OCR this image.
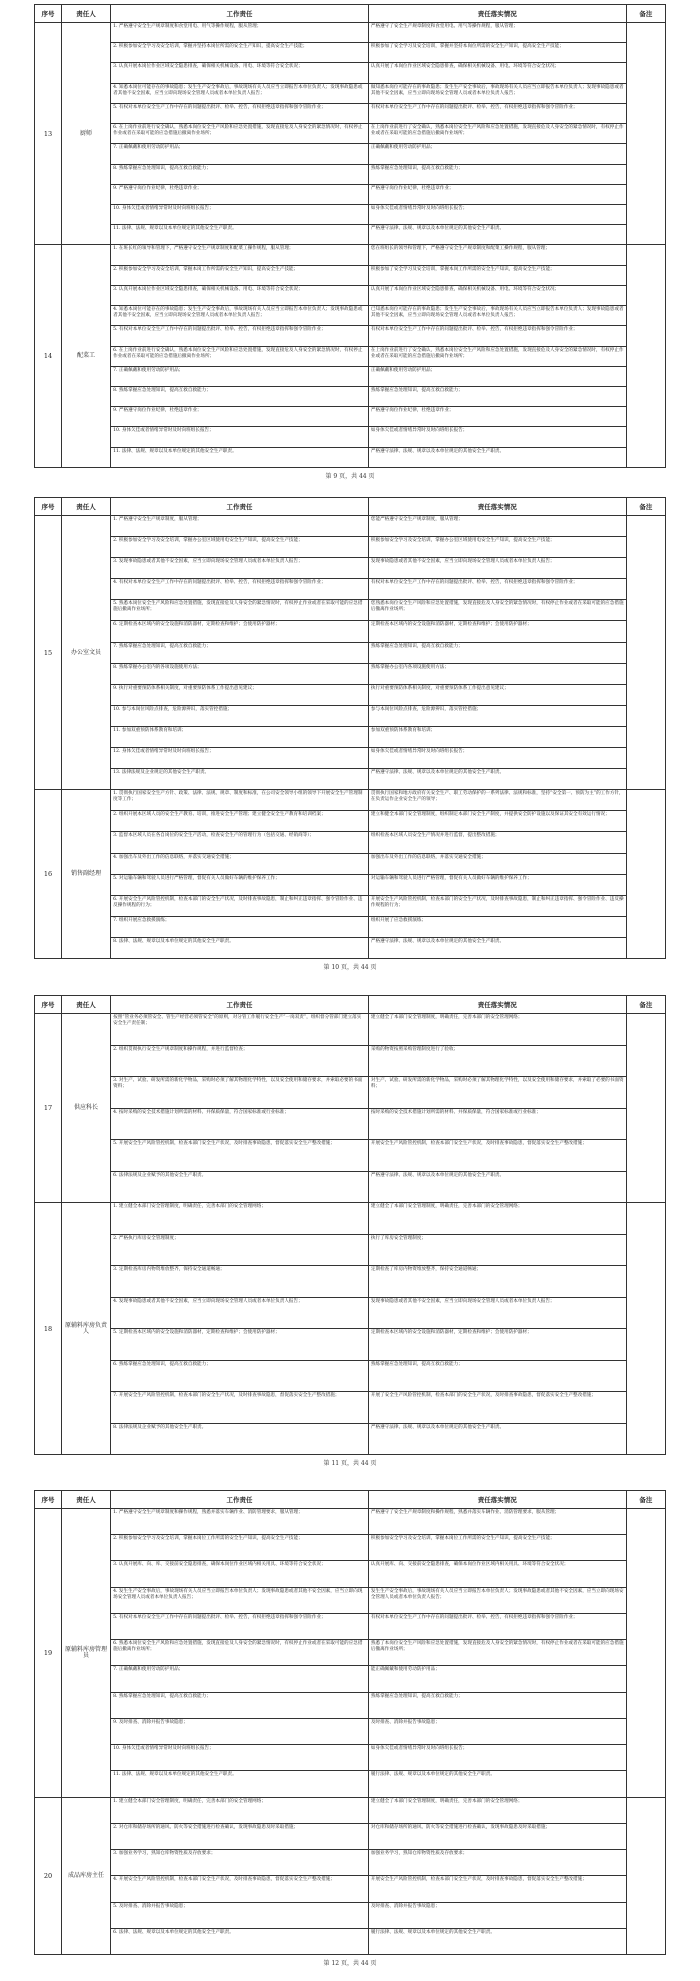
序号	责任人	工作责任	责任落实情况	备注
13	厨师	1. 严格遵守安全生产规章制度和食堂用电、用气等操作规程，服从管理；	严格遵守了安全生产规章制度和食堂用电、用气等操作规程，服从管理；	
		2. 积极参加安全学习及安全培训，掌握并坚持本岗位所需的安全生产知识，提高安全生产技能；	积极参加了安全学习及安全培训，掌握并坚持本岗位所需的安全生产知识，提高安全生产技能；	
		3. 认真开展本岗位作业区域安全隐患排查，确保相关机械设备、用电、环境等符合安全状况；	认真开展了本岗位作业区域安全隐患排查，确保相关机械设备、用电、环境等符合安全状况；	
		4. 知悉本岗位可能存在的事故隐患；发生生产安全事故后，事故现场有关人员应当立即报告本单位负责人；发现事故隐患或者其他不安全因素，应当立即向现场安全管理人员或者本单位负责人报告；	做知悉本岗位可能存在的事故隐患；发生生产安全事故后，事故现场有关人员应当立即报告本单位负责人；发现事故隐患或者其他不安全因素，应当立即向现场安全管理人员或者本单位负责人报告；	
		5. 有权对本单位安全生产工作中存在的问题提出批评、检举、控告，有权拒绝违章指挥和强令冒险作业；	有权对本单位安全生产工作中存在的问题提出批评、检举、控告，有权拒绝违章指挥和强令冒险作业；	
		6. 在上岗作业前进行安全确认，熟悉本岗位安全生产风险和应急处置措施，发现直接危及人身安全的紧急情况时，有权停止作业或者在采取可能的应急措施后撤离作业场所；	在上岗作业前进行了安全确认，熟悉本岗位安全生产风险和应急处置措施，发现直接危及人身安全的紧急情况时，有权停止作业或者在采取可能的应急措施后撤离作业场所；	
		7. 正确佩戴和使用劳动防护用品；	正确佩戴和使用劳动防护用品；	
		8. 熟练掌握应急处理知识，提高互救自救能力；	熟练掌握应急处理知识，提高互救自救能力；	
		9. 严格遵守岗位作业纪律，杜绝违章作业；	严格遵守岗位作业纪律，杜绝违章作业；	
		10. 身体欠佳或者情绪异常时及时向班组长报告；	如身体欠佳或者情绪异常时及时向班组长报告；	
		11. 法律、法规、规章以及本单位规定的其他安全生产职责。	严格遵守法律、法规、规章以及本单位规定的其他安全生产职责。	
14	配菜工	1. 在班长红的领导和管理下，严格遵守安全生产规章制度和配菜工操作规程，服从管理；	您在班组长的领导和管理下，严格遵守安全生产规章制度和配菜工操作规程，服从管理；	
		2. 积极参加安全学习及安全培训，掌握本岗工作所需的安全生产知识，提高安全生产技能；	积极参加了安全学习及安全培训，掌握本岗工作所需的安全生产知识，提高安全生产技能；	
		3. 认真开展本岗位作业区域安全隐患排查，确保相关机械设备、用电、环境等符合安全状况；	认真开展了本岗位作业区域安全隐患排查，确保相关机械设备、用电、环境等符合安全状况；	
		4. 知悉本岗位可能存在的事故隐患；发生生产安全事故后，事故现场有关人员应当立即报告本单位负责人；发现事故隐患或者其他不安全因素，应当立即向现场安全管理人员或者本单位负责人报告；	已知悉本岗位可能存在的事故隐患；发生生产安全事故后，事故现场有关人员应当立即报告本单位负责人；发现事故隐患或者其他不安全因素，应当立即向现场安全管理人员或者本单位负责人报告；	
		5. 有权对本单位安全生产工作中存在的问题提出批评、检举、控告，有权拒绝违章指挥和强令冒险作业；	有权对本单位安全生产工作中存在的问题提出批评、检举、控告，有权拒绝违章指挥和强令冒险作业；	
		6. 在上岗作业前进行安全确认，熟悉本岗位安全生产风险和应急处置措施，发现直接危及人身安全的紧急情况时，有权停止作业或者在采取可能的应急措施后撤离作业场所；	在上岗作业前进行了安全确认，熟悉本岗位安全生产风险和应急处置措施，发现直接危及人身安全的紧急情况时，有权停止作业或者在采取可能的应急措施后撤离作业场所；	
		7. 正确佩戴和使用劳动防护用品；	正确佩戴和使用劳动防护用品；	
		8. 熟练掌握应急处理知识，提高互救自救能力；	熟练掌握应急处理知识，提高互救自救能力；	
		9. 严格遵守岗位作业纪律，杜绝违章作业；	严格遵守岗位作业纪律，杜绝违章作业；	
		10. 身体欠佳或者情绪异常时及时向班组长报告；	如身体欠佳或者情绪异常时及时向班组长报告；	
		11. 法律、法规、规章以及本单位规定的其他安全生产职责。	严格遵守法律、法规、规章以及本单位规定的其他安全生产职责。	
第 9 页，共 44 页
序号	责任人	工作责任	责任落实情况	备注
15	办公室文员	1. 严格遵守安全生产规章制度，服从管理；	您能严格遵守安全生产规章制度，服从管理；	
		2. 积极参加安全学习及安全培训，掌握办公室区域使用电安全生产知识，提高安全生产技能；	积极参加安全学习及安全培训，掌握办公室区域使用电安全生产知识，提高安全生产技能；	
		3. 发现事故隐患或者其他不安全因素，应当立即向现场安全管理人员或者本单位负责人报告；	发现事故隐患或者其他不安全因素，应当立即向现场安全管理人员或者本单位负责人报告；	
		4. 有权对本单位安全生产工作中存在的问题提出批评、检举、控告，有权拒绝违章指挥和强令冒险作业；	有权对本单位安全生产工作中存在的问题提出批评、检举、控告，有权拒绝违章指挥和强令冒险作业；	
		5. 熟悉本岗位安全生产风险和应急处置措施，发现直接危及人身安全的紧急情况时，有权停止作业或者在采取可能的应急措施后撤离作业场所；	您熟悉本岗位安全生产风险和应急处置措施，发现直接危及人身安全的紧急情况时，有权停止作业或者在采取可能的应急措施后撤离作业场所；	
		6. 定期检查本区域内的安全设施和消防器材，定期检查和维护；会使用防护器材；	定期检查本区域内的安全设施和消防器材，定期检查和维护；会使用防护器材；	
		7. 熟练掌握应急处理知识，提高互救自救能力；	熟练掌握应急处理知识，提高互救自救能力；	
		8. 熟练掌握办公室内的各项设施使用方法；	熟练掌握办公室内各项设施使用方法；	
		9. 执行对重要预防体系相关制度，对重要预防体系工作提出意见建议；	执行对重要预防体系相关制度，对重要预防体系工作提出意见建议；	
		10. 参与本岗位风险点排查，危险源辨识，落实管控措施；	参与本岗位风险点排查，危险源辨识，落实管控措施；	
		11. 参加双重预防体系教育和培训；	参加双重预防体系教育和培训；	
		12. 身体欠佳或者情绪异常时及时向班组长报告；	如身体欠佳或者情绪异常时及时向班组长报告；	
		13. 法律法规及企业规定的其他安全生产职责。	严格遵守法律、法规、规章以及本单位规定的其他安全生产职责。	
16	销售副经理	1. 贯彻执行国家安全生产方针、政策、法律、法规、规章、制度和标准，在公司安全领导小组的领导下开展安全生产管理制度等工作；	贯彻执行国家和地方政府有关安全生产、职工劳动保护的一系列法律、法规和标准，坚持“安全第一、预防为主”的工作方针，在负责运作企业安全生产的领导；	
		2. 组织开展本区域人员的安全生产教育、培训，推进安全生产管理；建立健全安全生产教育和培训档案；	建立和健全本部门安全管理制度，组织制定本部门安全生产制度，并提供安全防护设施以及保证其安全有效运行情况；	
		3. 监督本区域人员在各自岗位的安全生产活动，检查安全生产的管理行为（包括交通、经销商等）；	组织检查本区域人员安全生产情况并进行监督，提出整改措施；	
		4. 加强出车及外出工作的信息联络，并落实交通安全措施；	加强出车及外出工作的信息联络，并落实交通安全措施；	
		5. 对运输车辆和驾驶人员进行严格管理，督促有关人员做好车辆的维护保养工作；	对运输车辆和驾驶人员进行严格管理，督促有关人员做好车辆的维护保养工作；	
		6. 开展安全生产风险管控机制，检查本部门的安全生产状况，及时排查事故隐患，制止和纠正违章指挥、强令冒险作业、违反操作规程的行为；	开展安全生产风险管控机制，检查本部门的安全生产状况，及时排查事故隐患，制止和纠正违章指挥、强令冒险作业、违反操作规程的行为；	
		7. 组织开展应急救援演练；	组织开展了应急救援演练；	
		8. 法律、法规、规章以及本单位规定的其他安全生产职责。	严格遵守法律、法规、规章以及本单位规定的其他安全生产职责。	
第 10 页，共 44 页
序号	责任人	工作责任	责任落实情况	备注
17	供应科长	按照“管业务必须管安全、管生产经营必须管安全”的原则，对分管工作履行安全生产“一岗双责”，组织督分管部门建立落实安全生产责任制；	建立健全了本部门安全管理制度，明确责任，完善本部门的安全管理网络；	
		2. 组织贯彻执行安全生产规章制度和操作规程，并进行监督检查；	采购的物资按照采购管理制度进行了验收；	
		3. 对生产、试验、研发所需的新化学物品，采购时必须了解其物理化学特性，以及安全使用和储存要求，并索取必要的书面资料；	对生产、试验、研发所需的新化学物品，采购时必须了解其物理化学特性，以及安全使用和储存要求，并索取了必要的书面资料；	
		4. 按时采购的安全技术措施计划所需的材料、并保质保量，符合国家标准或行业标准；	按时采购的安全技术措施计划所需的材料、并保质保量，符合国家标准或行业标准；	
		5. 开展安全生产风险管控机制，检查本部门安全生产状况，及时排查事故隐患，督促落实安全生产整改措施；	开展安全生产风险管控机制，检查本部门安全生产状况，及时排查事故隐患，督促落实安全生产整改措施；	
		6. 法律法规及企业赋予的其他安全生产职责。	严格遵守法律、法规、规章以及本单位规定的其他安全生产职责。	
18	原辅料库房负责人	1. 建立健全本部门安全管理制度，明确责任，完善本部门的安全管理网络；	建立健全了本部门安全管理制度，明确责任，完善本部门的安全管理网络；	
		2. 严格执行库房安全管理制度；	执行了库房安全管理制度；	
		3. 定期检查库房内物资堆放整齐，保持安全通道畅通；	定期检查了库房内物资堆放整齐，保持安全通道畅通；	
		4. 发现事故隐患或者其他不安全因素，应当立即向现场安全管理人员或者本单位负责人报告；	发现事故隐患或者其他不安全因素，应当立即向现场安全管理人员或者本单位负责人报告；	
		5. 定期检查本区域内的安全设施和消防器材，定期检查和维护；会使用防护器材；	定期检查本区域内的安全设施和消防器材，定期检查和维护；会使用防护器材；	
		6. 熟练掌握应急处理知识，提高互救自救能力；	熟练掌握应急处理知识，提高互救自救能力；	
		7. 开展安全生产风险管控机制，检查本部门的安全生产状况，及时排查事故隐患，督促落实安全生产整改措施；	开展了安全生产风险管控机制，检查本部门的安全生产状况，及时排查事故隐患，督促落实安全生产整改措施；	
		8. 法律法规及企业赋予的其他安全生产职责。	严格遵守法律、法规、规章以及本单位规定的其他安全生产职责。	
第 11 页，共 44 页
序号	责任人	工作责任	责任落实情况	备注
19	原辅料库房管理员	1. 严格遵守安全生产规章制度和操作规程，熟悉并落实车辆作业、消防管理要求，服从管理；	严格遵守了安全生产规章制度和操作规程，熟悉并落实车辆作业、消防管理要求，服从管理；	
		2. 积极参加安全学习及安全培训，掌握本岗位工作所需的安全生产知识，提高安全生产技能；	积极参加安全学习及安全培训，掌握本岗位工作所需的安全生产知识，提高安全生产技能；	
		3. 认真开展库、向、库、交接前安全隐患排查，确保本岗位作业区域内相关用具、环境等符合安全状况；	认真开展库、向、交接前安全隐患排查，确保本岗位作业区域内相关用具、环境等符合安全状况；	
		4. 发生生产安全事故后，事故现场有关人员应当立即报告本单位负责人；发现事故隐患或者其他不安全因素，应当立即向现场安全管理人员或者本单位负责人报告；	发生生产安全事故后，事故现场有关人员应当立即报告本单位负责人；发现事故隐患或者其他不安全因素，应当立即向现场安全管理人员或者本单位负责人报告；	
		5. 有权对本单位安全生产工作中存在的问题提出批评、检举、控告，有权拒绝违章指挥和强令冒险作业；	有权对本单位安全生产工作中存在的问题提出批评、检举、控告，有权拒绝违章指挥和强令冒险作业；	
		6. 熟悉本岗位安全生产风险和应急处置措施，发现直接危及人身安全的紧急情况时，有权停止作业或者在采取可能的应急措施后撤离作业场所；	熟悉了本岗位安全生产风险和应急处置措施，发现直接危及人身安全的紧急情况时，有权停止作业或者在采取可能的应急措施后撤离作业场所；	
		7. 正确佩戴和使用劳动防护用品；	能正确佩戴和使用劳动防护用品；	
		8. 熟练掌握应急处理知识，提高互救自救能力；	熟练掌握应急处理知识，提高互救自救能力；	
		9. 及时排查、消除并报告事故隐患；	及时排查、消除并报告事故隐患；	
		10. 身体欠佳或者情绪异常时及时向班组长报告；	如身体欠佳或者情绪异常时及时向班组长报告；	
		11. 法律、法规、规章以及本单位规定的其他安全生产职责。	履行法律、法规、规章以及本单位规定的其他安全生产职责。	
20	成品库房主任	1. 建立健全本部门安全管理制度，明确责任，完善本部门的安全管理网络；	建立健全了本部门安全管理制度，明确责任，完善本部门的安全管理网络；	
		2. 对仓库和储存场所的通风、防火等安全措施进行检查确认，发现事故隐患及时采取措施；	对仓库和储存场所的通风、防火等安全措施进行检查确认，发现事故隐患及时采取措施；	
		3. 加强业务学习，熟知仓库物资性质及存放要求；	加强业务学习，熟知仓库物资性质及存放要求；	
		4. 开展安全生产风险管控机制，检查本部门安全生产状况，及时排查事故隐患，督促落实安全生产整改措施；	开展安全生产风险管控机制，检查本部门安全生产状况，及时排查事故隐患，督促落实安全生产整改措施；	
		5. 及时排查、消除并报告事故隐患；	及时排查、消除并报告事故隐患；	
		6. 法律、法规、规章以及本单位规定的其他安全生产职责。	履行法律、法规、规章以及本单位规定的其他安全生产职责。	
第 12 页，共 44 页
